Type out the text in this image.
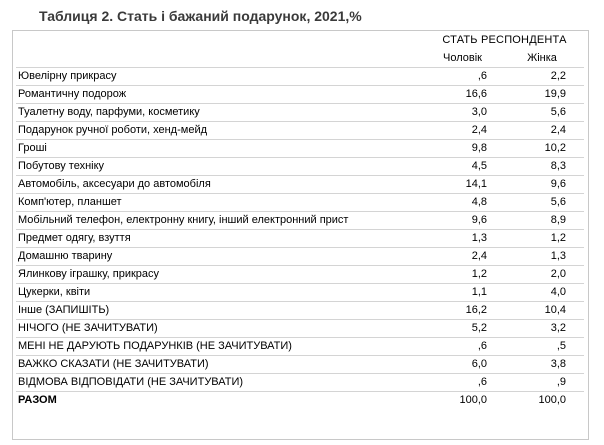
Таблиця 2. Стать і бажаний подарунок, 2021,%
	СТАТЬ РЕСПОНДЕНТА	
	Чоловік	Жінка
Ювелірну прикрасу	,6	2,2
Романтичну подорож	16,6	19,9
Туалетну воду, парфуми, косметику	3,0	5,6
Подарунок ручної роботи, хенд-мейд	2,4	2,4
Гроші	9,8	10,2
Побутову техніку	4,5	8,3
Автомобіль, аксесуари до автомобіля	14,1	9,6
Комп'ютер, планшет	4,8	5,6
Мобільний телефон, електронну книгу, інший електронний прист	9,6	8,9
Предмет одягу, взуття	1,3	1,2
Домашню тварину	2,4	1,3
Ялинкову іграшку, прикрасу	1,2	2,0
Цукерки, квіти	1,1	4,0
Інше (ЗАПИШІТЬ)	16,2	10,4
НІЧОГО (НЕ ЗАЧИТУВАТИ)	5,2	3,2
МЕНІ НЕ ДАРУЮТЬ ПОДАРУНКІВ (НЕ ЗАЧИТУВАТИ)	,6	,5
ВАЖКО СКАЗАТИ (НЕ ЗАЧИТУВАТИ)	6,0	3,8
ВІДМОВА ВІДПОВІДАТИ (НЕ ЗАЧИТУВАТИ)	,6	,9
РАЗОМ	100,0	100,0
